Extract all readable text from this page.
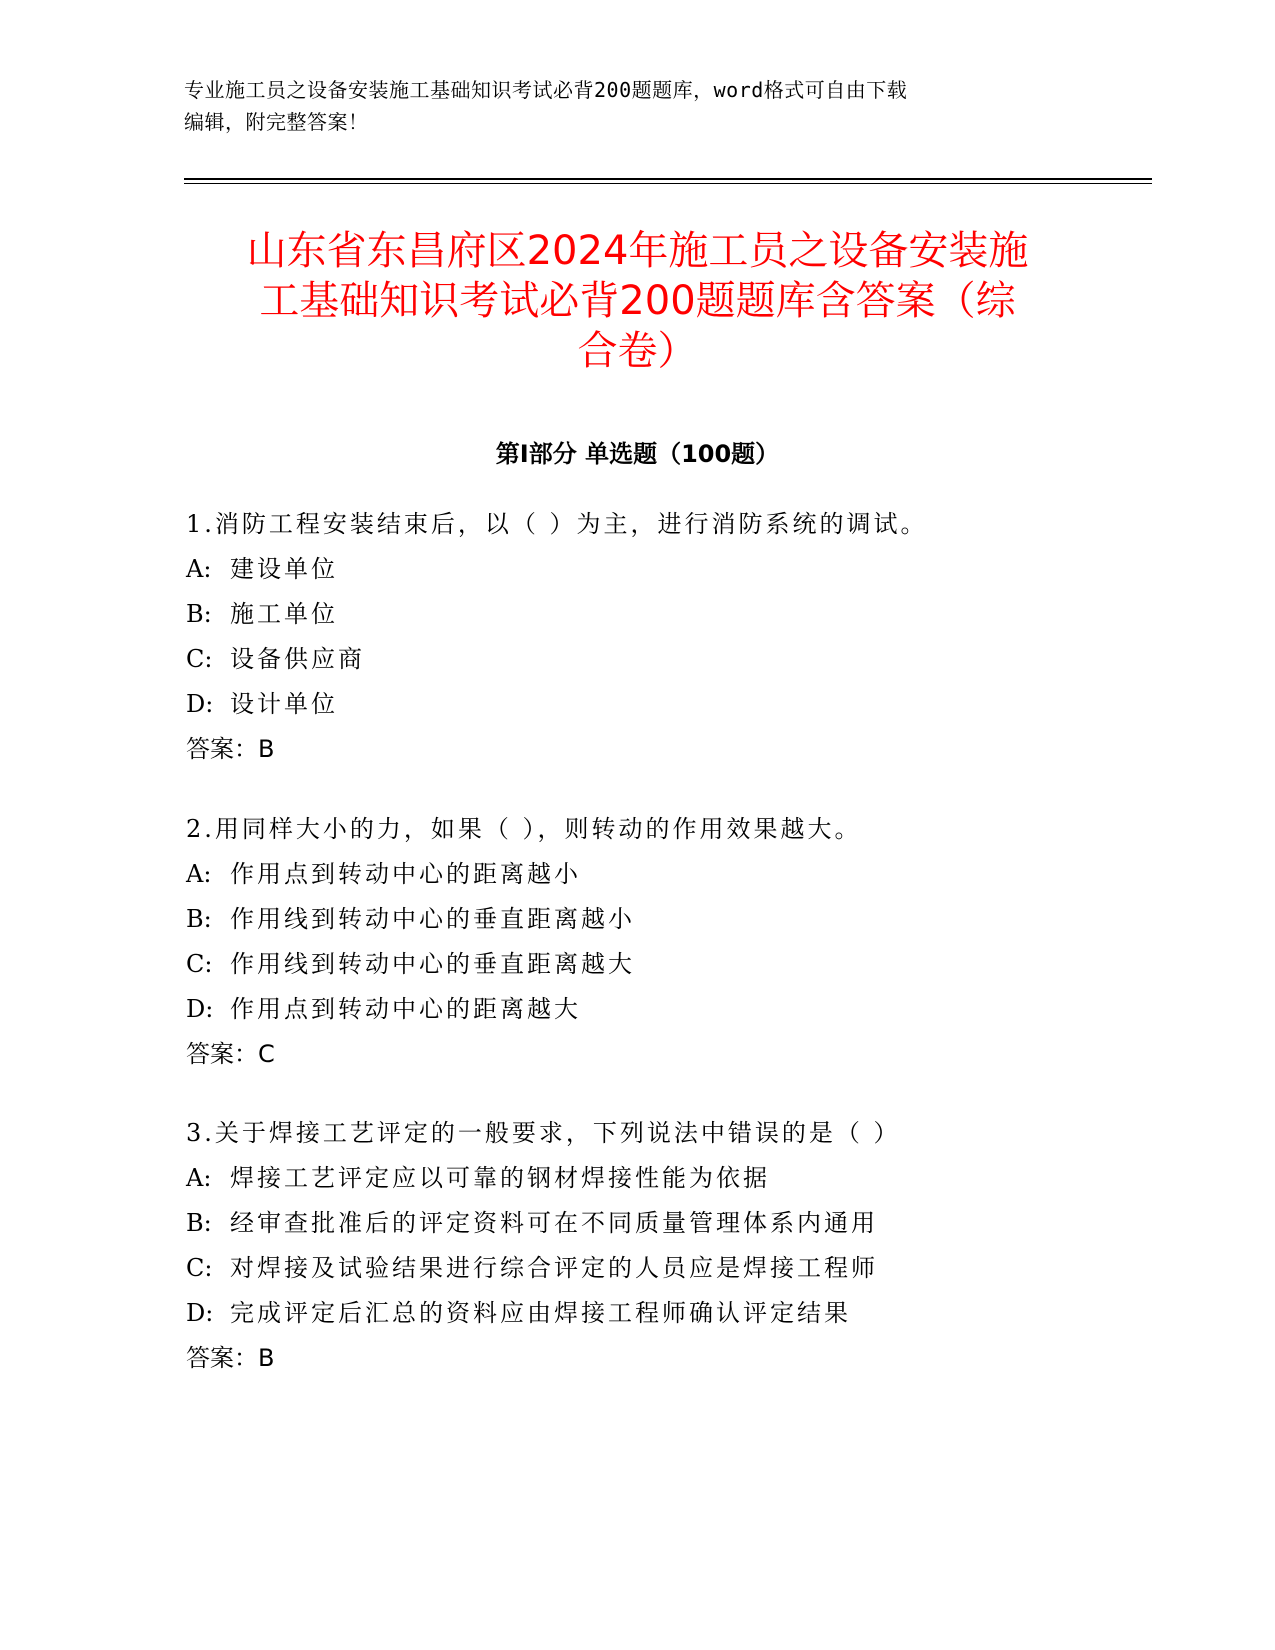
专业施工员之设备安装施工基础知识考试必背200题题库，word格式可自由下载
编辑，附完整答案！
山东省东昌府区2024年施工员之设备安装施
工基础知识考试必背200题题库含答案（综
合卷）
第Ⅰ部分 单选题（100题）
1.消防工程安装结束后，以（ ）为主，进行消防系统的调试。
A: 建设单位
B: 施工单位
C: 设备供应商
D: 设计单位
答案：B
2.用同样大小的力，如果（ ），则转动的作用效果越大。
A: 作用点到转动中心的距离越小
B: 作用线到转动中心的垂直距离越小
C: 作用线到转动中心的垂直距离越大
D: 作用点到转动中心的距离越大
答案：C
3.关于焊接工艺评定的一般要求，下列说法中错误的是（ ）
A: 焊接工艺评定应以可靠的钢材焊接性能为依据
B: 经审查批准后的评定资料可在不同质量管理体系内通用
C: 对焊接及试验结果进行综合评定的人员应是焊接工程师
D: 完成评定后汇总的资料应由焊接工程师确认评定结果
答案：B
